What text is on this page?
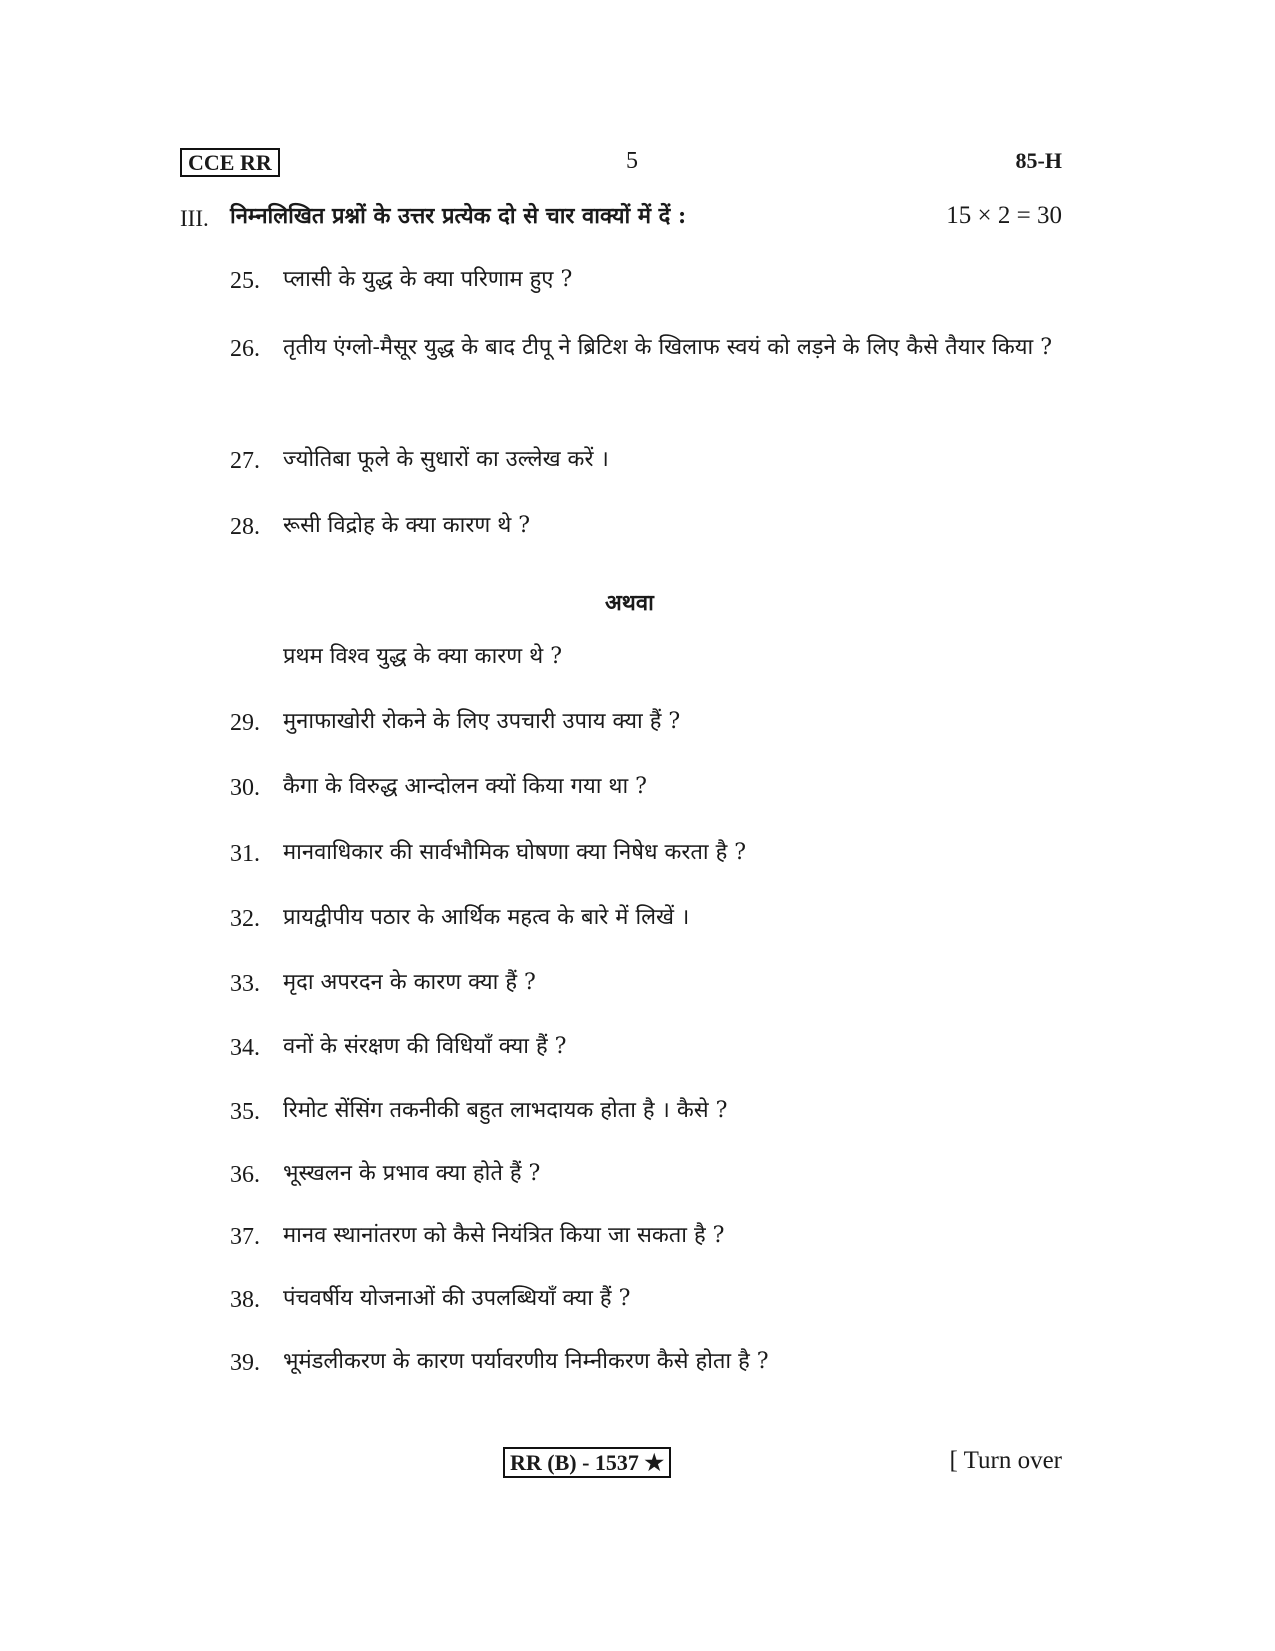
CCE RR	5	85-H
III. निम्नलिखित प्रश्नों के उत्तर प्रत्येक दो से चार वाक्यों में दें :	15 × 2 = 30
25. प्लासी के युद्ध के क्या परिणाम हुए ?
26. तृतीय एंग्लो-मैसूर युद्ध के बाद टीपू ने ब्रिटिश के खिलाफ स्वयं को लड़ने के लिए कैसे तैयार किया ?
27. ज्योतिबा फूले के सुधारों का उल्लेख करें ।
28. रूसी विद्रोह के क्या कारण थे ?
अथवा
प्रथम विश्व युद्ध के क्या कारण थे ?
29. मुनाफाखोरी रोकने के लिए उपचारी उपाय क्या हैं ?
30. कैगा के विरुद्ध आन्दोलन क्यों किया गया था ?
31. मानवाधिकार की सार्वभौमिक घोषणा क्या निषेध करता है ?
32. प्रायद्वीपीय पठार के आर्थिक महत्व के बारे में लिखें ।
33. मृदा अपरदन के कारण क्या हैं ?
34. वनों के संरक्षण की विधियाँ क्या हैं ?
35. रिमोट सेंसिंग तकनीकी बहुत लाभदायक होता है । कैसे ?
36. भूस्खलन के प्रभाव क्या होते हैं ?
37. मानव स्थानांतरण को कैसे नियंत्रित किया जा सकता है ?
38. पंचवर्षीय योजनाओं की उपलब्धियाँ क्या हैं ?
39. भूमंडलीकरण के कारण पर्यावरणीय निम्नीकरण कैसे होता है ?
RR (B) - 1537 ★	[ Turn over
